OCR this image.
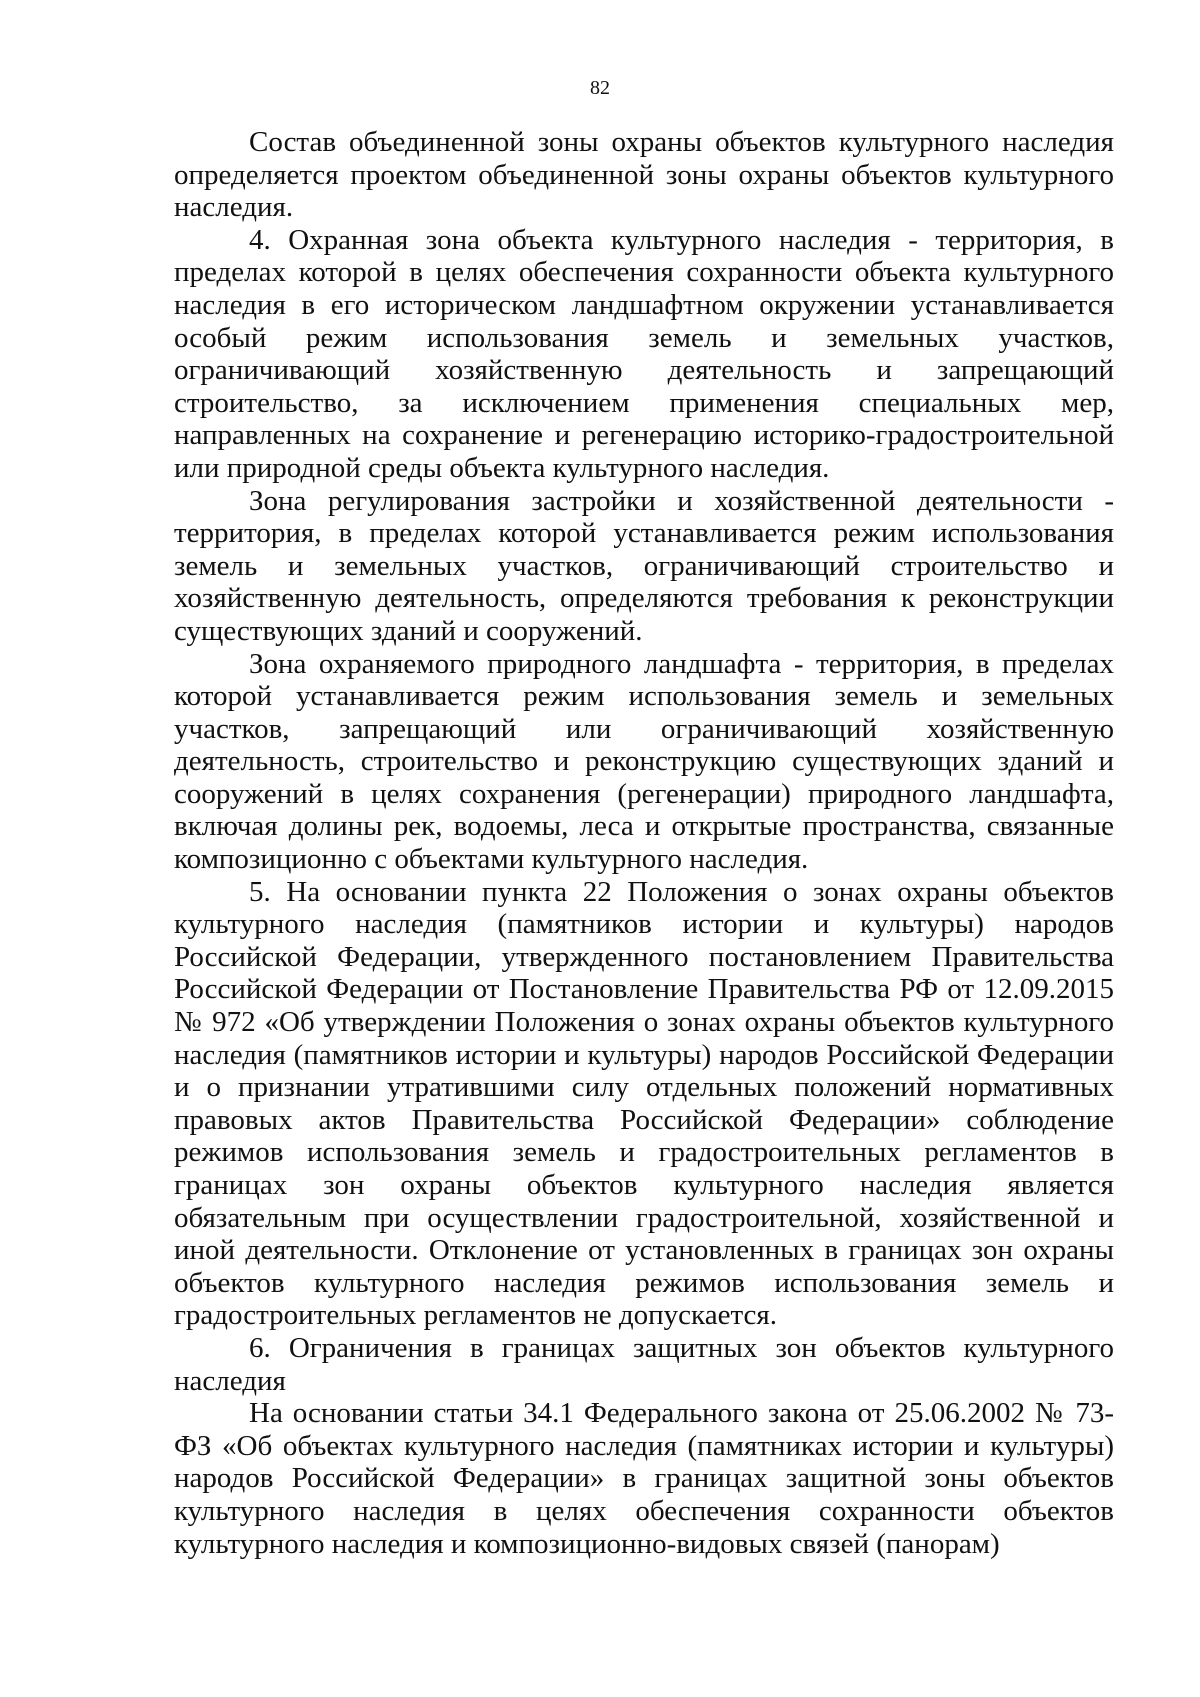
82

Состав объединенной зоны охраны объектов культурного наследия определяется проектом объединенной зоны охраны объектов культурного наследия.

4. Охранная зона объекта культурного наследия - территория, в пределах которой в целях обеспечения сохранности объекта культурного наследия в его историческом ландшафтном окружении устанавливается особый режим использования земель и земельных участков, ограничивающий хозяйственную деятельность и запрещающий строительство, за исключением применения специальных мер, направленных на сохранение и регенерацию историко-градостроительной или природной среды объекта культурного наследия.

Зона регулирования застройки и хозяйственной деятельности - территория, в пределах которой устанавливается режим использования земель и земельных участков, ограничивающий строительство и хозяйственную деятельность, определяются требования к реконструкции существующих зданий и сооружений.

Зона охраняемого природного ландшафта - территория, в пределах которой устанавливается режим использования земель и земельных участков, запрещающий или ограничивающий хозяйственную деятельность, строительство и реконструкцию существующих зданий и сооружений в целях сохранения (регенерации) природного ландшафта, включая долины рек, водоемы, леса и открытые пространства, связанные композиционно с объектами культурного наследия.

5. На основании пункта 22 Положения о зонах охраны объектов культурного наследия (памятников истории и культуры) народов Российской Федерации, утвержденного постановлением Правительства Российской Федерации от Постановление Правительства РФ от 12.09.2015 № 972 «Об утверждении Положения о зонах охраны объектов культурного наследия (памятников истории и культуры) народов Российской Федерации и о признании утратившими силу отдельных положений нормативных правовых актов Правительства Российской Федерации» соблюдение режимов использования земель и градостроительных регламентов в границах зон охраны объектов культурного наследия является обязательным при осуществлении градостроительной, хозяйственной и иной деятельности. Отклонение от установленных в границах зон охраны объектов культурного наследия режимов использования земель и градостроительных регламентов не допускается.

6. Ограничения в границах защитных зон объектов культурного наследия

На основании статьи 34.1 Федерального закона от 25.06.2002 № 73-ФЗ «Об объектах культурного наследия (памятниках истории и культуры) народов Российской Федерации» в границах защитной зоны объектов культурного наследия в целях обеспечения сохранности объектов культурного наследия и композиционно-видовых связей (панорам)
